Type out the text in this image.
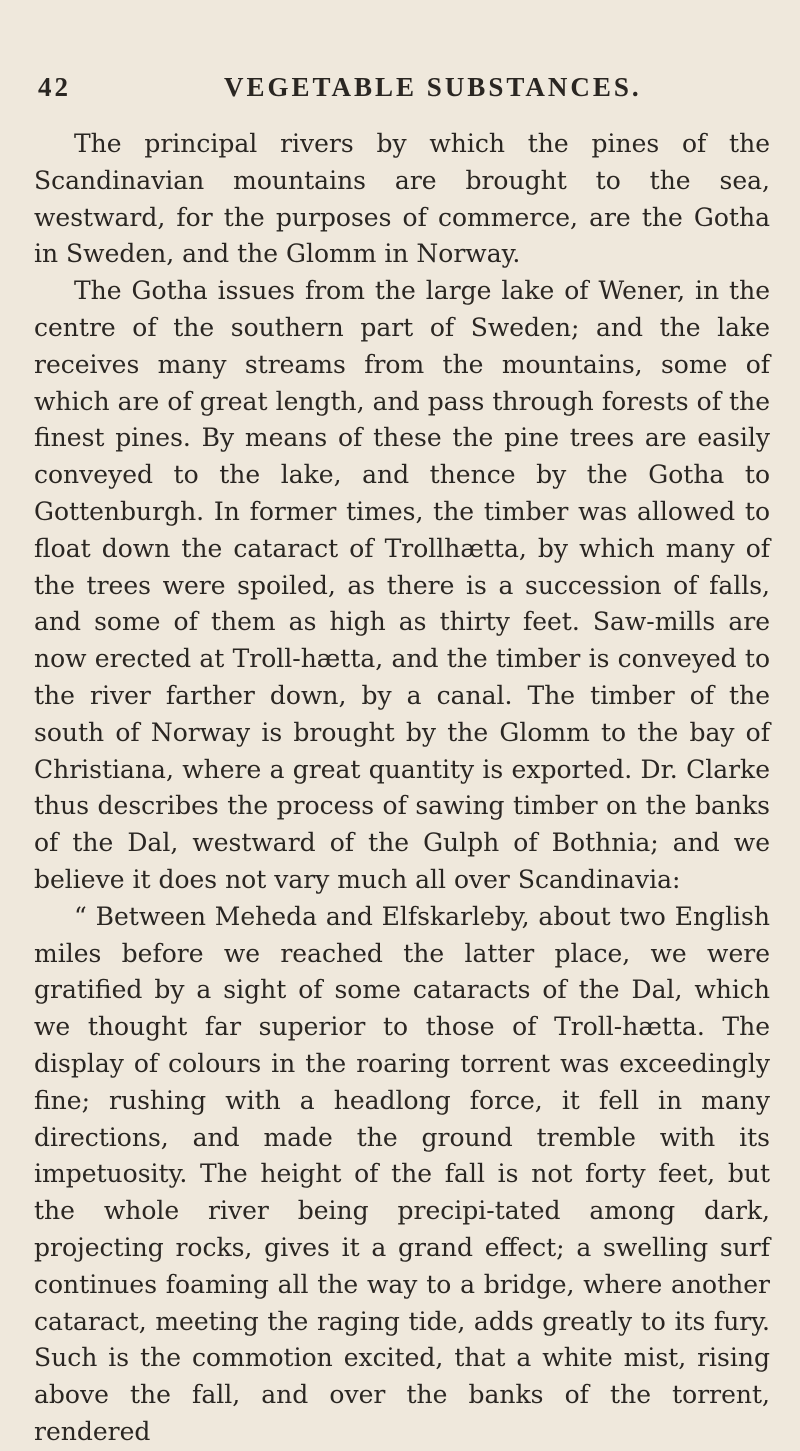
42	VEGETABLE SUBSTANCES.

The principal rivers by which the pines of the Scandinavian mountains are brought to the sea, westward, for the purposes of commerce, are the Gotha in Sweden, and the Glomm in Norway.

The Gotha issues from the large lake of Wener, in the centre of the southern part of Sweden; and the lake receives many streams from the mountains, some of which are of great length, and pass through forests of the finest pines. By means of these the pine trees are easily conveyed to the lake, and thence by the Gotha to Gottenburgh. In former times, the timber was allowed to float down the cataract of Trollhætta, by which many of the trees were spoiled, as there is a succession of falls, and some of them as high as thirty feet. Saw-mills are now erected at Troll-hætta, and the timber is conveyed to the river farther down, by a canal. The timber of the south of Norway is brought by the Glomm to the bay of Christiana, where a great quantity is exported. Dr. Clarke thus describes the process of sawing timber on the banks of the Dal, westward of the Gulph of Bothnia; and we believe it does not vary much all over Scandinavia:

“ Between Meheda and Elfskarleby, about two English miles before we reached the latter place, we were gratified by a sight of some cataracts of the Dal, which we thought far superior to those of Troll-hætta. The display of colours in the roaring torrent was exceedingly fine; rushing with a headlong force, it fell in many directions, and made the ground tremble with its impetuosity. The height of the fall is not forty feet, but the whole river being precipi-tated among dark, projecting rocks, gives it a grand effect; a swelling surf continues foaming all the way to a bridge, where another cataract, meeting the raging tide, adds greatly to its fury. Such is the commotion excited, that a white mist, rising above the fall, and over the banks of the torrent, rendered
